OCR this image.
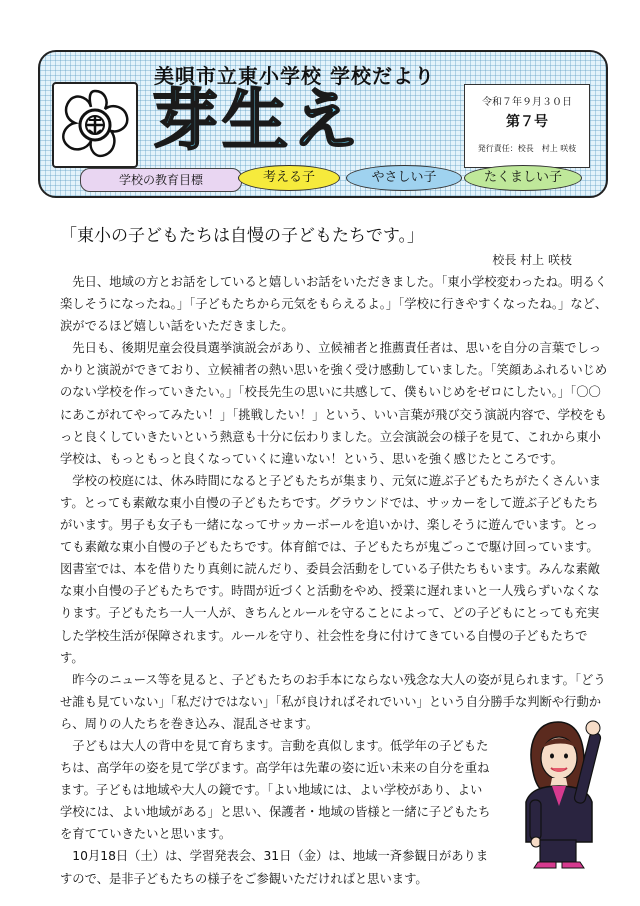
美唄市立東小学校 学校だより
芽生え	令和７年９月３０日
第７号
発行責任：校長　村上 咲枝
学校の教育目標	考える子	やさしい子	たくましい子
「東小の子どもたちは自慢の子どもたちです。」
校長 村上 咲枝

先日、地域の方とお話をしていると嬉しいお話をいただきました。「東小学校変わったね。明るく楽しそうになったね。」「子どもたちから元気をもらえるよ。」「学校に行きやすくなったね。」など、涙がでるほど嬉しい話をいただきました。

先日も、後期児童会役員選挙演説会があり、立候補者と推薦責任者は、思いを自分の言葉でしっかりと演説ができており、立候補者の熱い思いを強く受け感動していました。「笑顔あふれるいじめのない学校を作っていきたい。」「校長先生の思いに共感して、僕もいじめをゼロにしたい。」「〇〇にあこがれてやってみたい！」「挑戦したい！」という、いい言葉が飛び交う演説内容で、学校をもっと良くしていきたいという熱意も十分に伝わりました。立会演説会の様子を見て、これから東小学校は、もっともっと良くなっていくに違いない！という、思いを強く感じたところです。

学校の校庭には、休み時間になると子どもたちが集まり、元気に遊ぶ子どもたちがたくさんいます。とっても素敵な東小自慢の子どもたちです。グラウンドでは、サッカーをして遊ぶ子どもたちがいます。男子も女子も一緒になってサッカーボールを追いかけ、楽しそうに遊んでいます。とっても素敵な東小自慢の子どもたちです。体育館では、子どもたちが鬼ごっこで駆け回っています。図書室では、本を借りたり真剣に読んだり、委員会活動をしている子供たちもいます。みんな素敵な東小自慢の子どもたちです。時間が近づくと活動をやめ、授業に遅れまいと一人残らずいなくなります。子どもたち一人一人が、きちんとルールを守ることによって、どの子どもにとっても充実した学校生活が保障されます。ルールを守り、社会性を身に付けてきている自慢の子どもたちです。

昨今のニュース等を見ると、子どもたちのお手本にならない残念な大人の姿が見られます。「どうせ誰も見ていない」「私だけではない」「私が良ければそれでいい」という自分勝手な判断や行動から、周りの人たちを巻き込み、混乱させます。

子どもは大人の背中を見て育ちます。言動を真似します。低学年の子どもたちは、高学年の姿を見て学びます。高学年は先輩の姿に近い未来の自分を重ねます。子どもは地域や大人の鏡です。「よい地域には、よい学校があり、よい学校には、よい地域がある」と思い、保護者・地域の皆様と一緒に子どもたちを育てていきたいと思います。

10月18日（土）は、学習発表会、31日（金）は、地域一斉参観日がありますので、是非子どもたちの様子をご参観いただければと思います。
